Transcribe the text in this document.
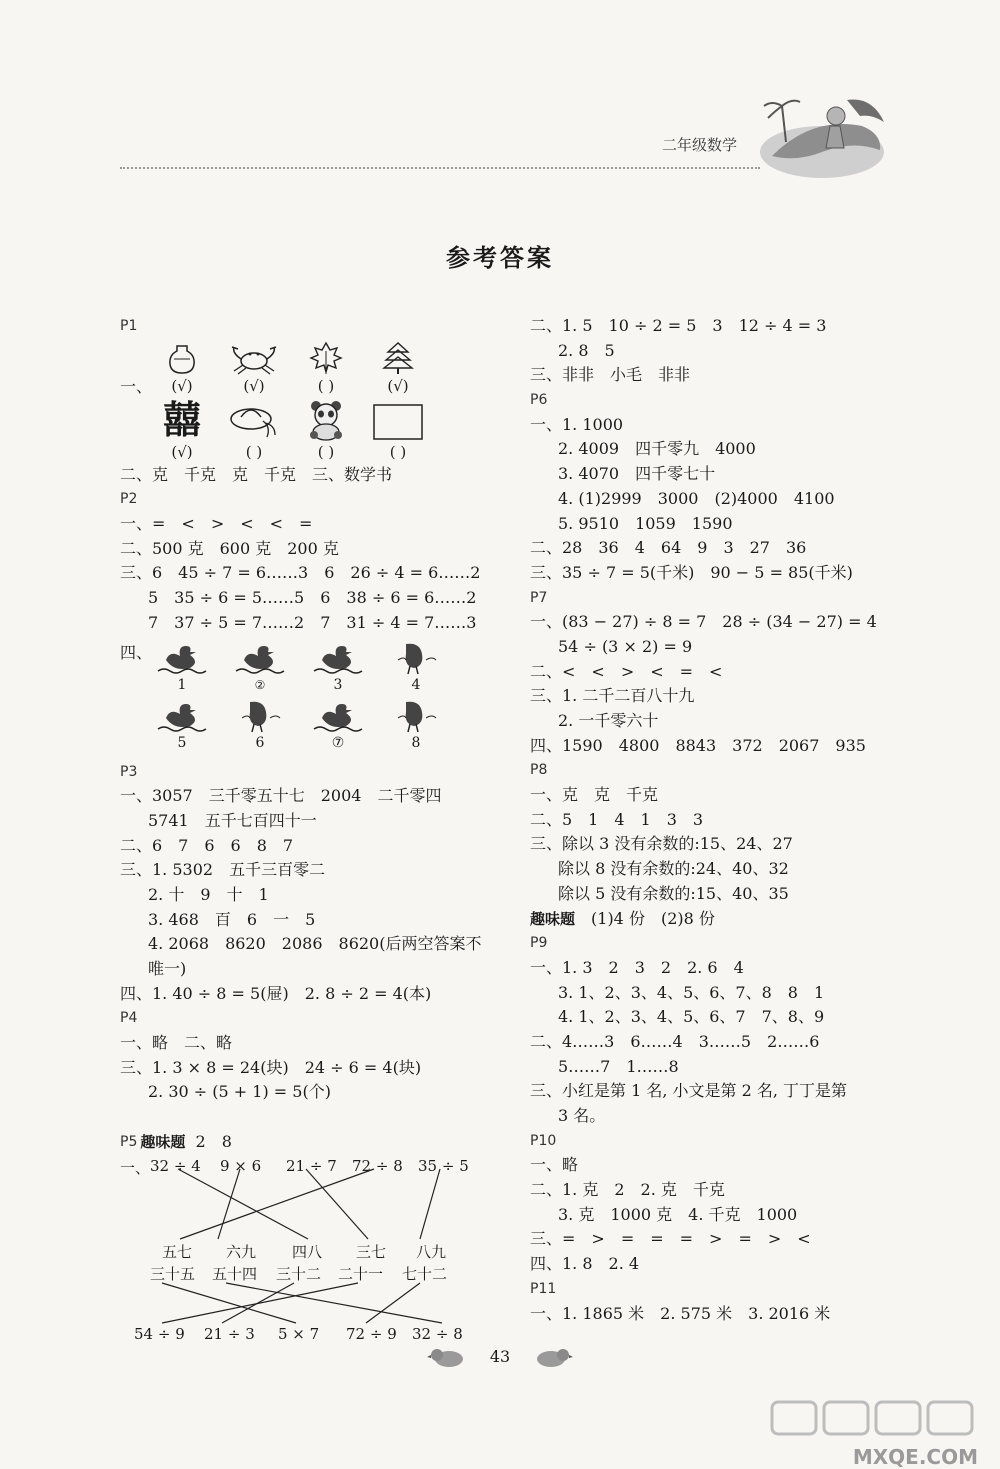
二年级数学
参考答案
P1
一、 (√)	(√)	( )	(√)
囍
(√)	( )	( )	( )
二、克　千克　克　千克　三、数学书
P2
一、=　<　>　<　<　=
二、500 克　600 克　200 克
三、6　45 ÷ 7 = 6……3　6　26 ÷ 4 = 6……2
5　35 ÷ 6 = 5……5　6　38 ÷ 6 = 6……2
7　37 ÷ 5 = 7……2　7　31 ÷ 4 = 7……3
四、
1	②	3	4
5	6	⑦	8
P3
一、3057　三千零五十七　2004　二千零四
5741　五千七百四十一
二、6　7　6　6　8　7
三、1. 5302　五千三百零二
2. 十　9　十　1
3. 468　百　6　一　5
4. 2068　8620　2086　8620(后两空答案不
唯一)
四、1. 40 ÷ 8 = 5(屉)　2. 8 ÷ 2 = 4(本)
P4
一、略　二、略
三、1. 3 × 8 = 24(块)　24 ÷ 6 = 4(块)
2. 30 ÷ (5 + 1) = 5(个)

趣味题 2　8

P5
一、 32 ÷ 4 9 × 6 21 ÷ 7 72 ÷ 8 35 ÷ 5
五七 六九 四八 三七 八九
三十五 五十四 三十二 二十一 七十二
54 ÷ 9 21 ÷ 3 5 × 7 72 ÷ 9 32 ÷ 8
二、1. 5　10 ÷ 2 = 5　3　12 ÷ 4 = 3
2. 8　5
三、非非　小毛　非非
P6
一、1. 1000
2. 4009　四千零九　4000
3. 4070　四千零七十
4. (1)2999　3000　(2)4000　4100
5. 9510　1059　1590
二、28　36　4　64　9　3　27　36
三、35 ÷ 7 = 5(千米)　90 − 5 = 85(千米)
P7
一、(83 − 27) ÷ 8 = 7　28 ÷ (34 − 27) = 4
54 ÷ (3 × 2) = 9
二、<　<　>　<　=　<
三、1. 二千二百八十九
2. 一千零六十
四、1590　4800　8843　372　2067　935
P8
一、克　克　千克
二、5　1　4　1　3　3
三、除以 3 没有余数的:15、24、27
除以 8 没有余数的:24、40、32
除以 5 没有余数的:15、40、35
趣味题　(1)4 份　(2)8 份
P9
一、1. 3　2　3　2　2. 6　4
3. 1、2、3、4、5、6、7、8　8　1
4. 1、2、3、4、5、6、7　7、8、9
二、4……3　6……4　3……5　2……6
5……7　1……8
三、小红是第 1 名, 小文是第 2 名, 丁丁是第
3 名。
P10
一、略
二、1. 克　2　2. 克　千克
3. 克　1000 克　4. 千克　1000
三、=　>　=　=　=　>　=　>　<
四、1. 8　2. 4
P11
一、1. 1865 米　2. 575 米　3. 2016 米
43
MXQE.COM
